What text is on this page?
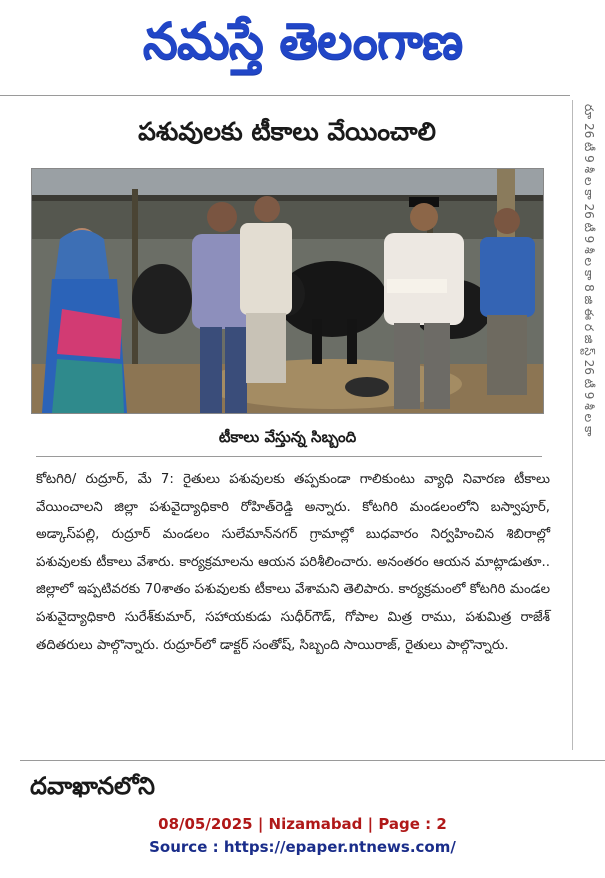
నమస్తే తెలంగాణ
రూ 26 టీ 9 శీ ల కా 26 టీ 9 శీ ల కా 8 జి ఈ ర జి స్ట్ 26 టీ 9 శీ ల కా
పశువులకు టీకాలు వేయించాలి
టీకాలు వేస్తున్న సిబ్బంది
కోటగిరి/ రుద్రూర్, మే 7: రైతులు పశువులకు తప్పకుండా గాలికుంటు వ్యాధి నివారణ టీకాలు వేయించాలని జిల్లా పశువైద్యాధికారి రోహిత్‌రెడ్డి అన్నారు. కోటగిరి మండలంలోని బస్వాపూర్, అడ్కాస్‌పల్లి, రుద్రూర్ మండలం సులేమాన్‌నగర్ గ్రామాల్లో బుధవారం నిర్వహించిన శిబిరాల్లో పశువులకు టీకాలు వేశారు. కార్యక్రమాలను ఆయన పరిశీలించారు. అనంతరం ఆయన మాట్లాడుతూ.. జిల్లాలో ఇప్పటివరకు 70శాతం పశువులకు టీకాలు వేశామని తెలిపారు. కార్యక్రమంలో కోటగిరి మండల పశువైద్యాధికారి సురేశ్‌కుమార్, సహాయకుడు సుధీర్‌గౌడ్, గోపాల మిత్ర రాము, పశుమిత్ర రాజేశ్ తదితరులు పాల్గొన్నారు. రుద్రూర్‌లో డాక్టర్ సంతోష్, సిబ్బంది సాయిరాజ్, రైతులు పాల్గొన్నారు.
దవాఖానలోని
08/05/2025 | Nizamabad | Page : 2
Source : https://epaper.ntnews.com/
